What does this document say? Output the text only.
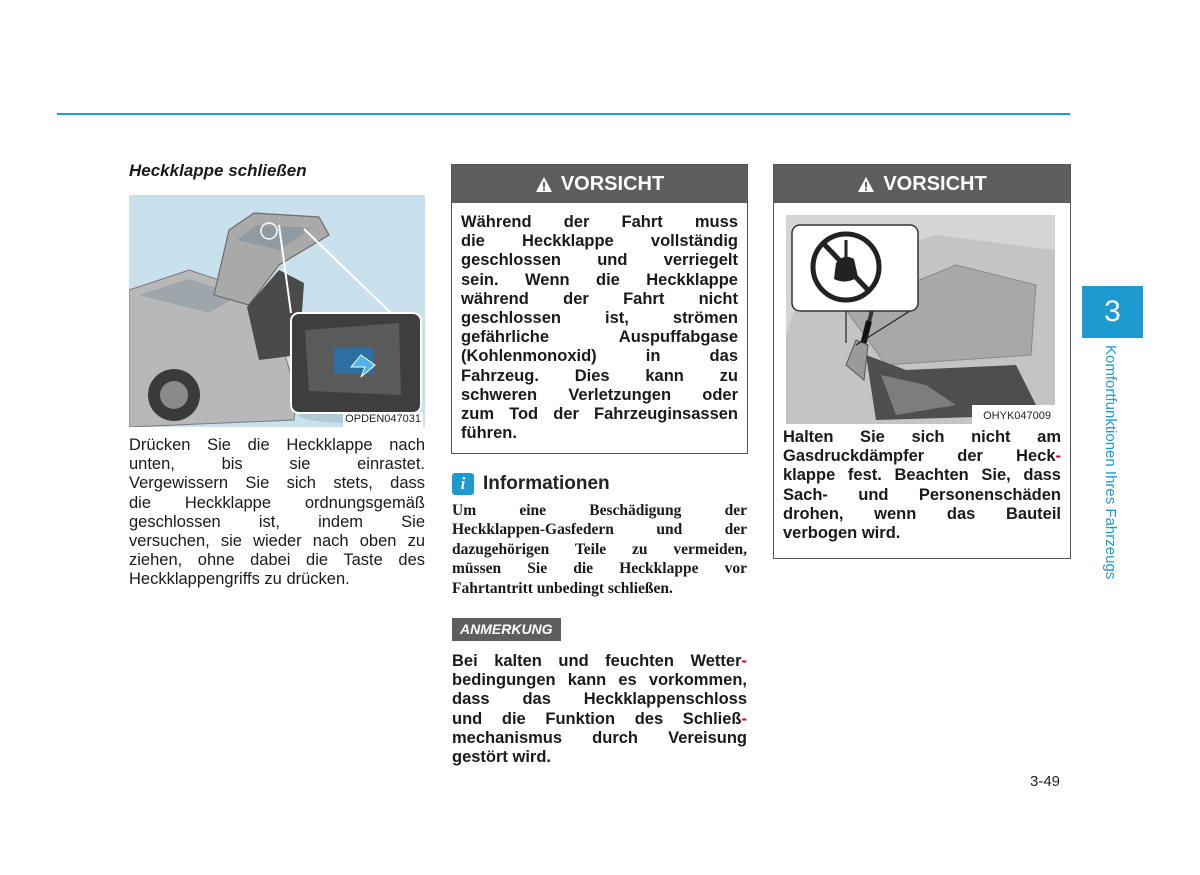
Heckklappe schließen
OPDEN047031
Drücken Sie die Heckklappe nach
unten, bis sie einrastet.
Vergewissern Sie sich stets, dass
die Heckklappe ordnungsgemäß
geschlossen ist, indem Sie
versuchen, sie wieder nach oben zu
ziehen, ohne dabei die Taste des
Heckklappengriffs zu drücken.
VORSICHT
Während der Fahrt muss
die Heckklappe vollständig
geschlossen und verriegelt
sein. Wenn die Heckklappe
während der Fahrt nicht
geschlossen ist, strömen
gefährliche Auspuffabgase
(Kohlenmonoxid) in das
Fahrzeug. Dies kann zu
schweren Verletzungen oder
zum Tod der Fahrzeuginsassen
führen.
i Informationen
Um eine Beschädigung der
Heckklappen-Gasfedern und der
dazugehörigen Teile zu vermeiden,
müssen Sie die Heckklappe vor
Fahrtantritt unbedingt schließen.
ANMERKUNG
Bei kalten und feuchten Wetter-
bedingungen kann es vorkommen,
dass das Heckklappenschloss
und die Funktion des Schließ-
mechanismus durch Vereisung
gestört wird.
VORSICHT
OHYK047009
Halten Sie sich nicht am
Gasdruckdämpfer der Heck-
klappe fest. Beachten Sie, dass
Sach- und Personenschäden
drohen, wenn das Bauteil
verbogen wird.
3
Komfortfunktionen Ihres Fahrzeugs
3-49
